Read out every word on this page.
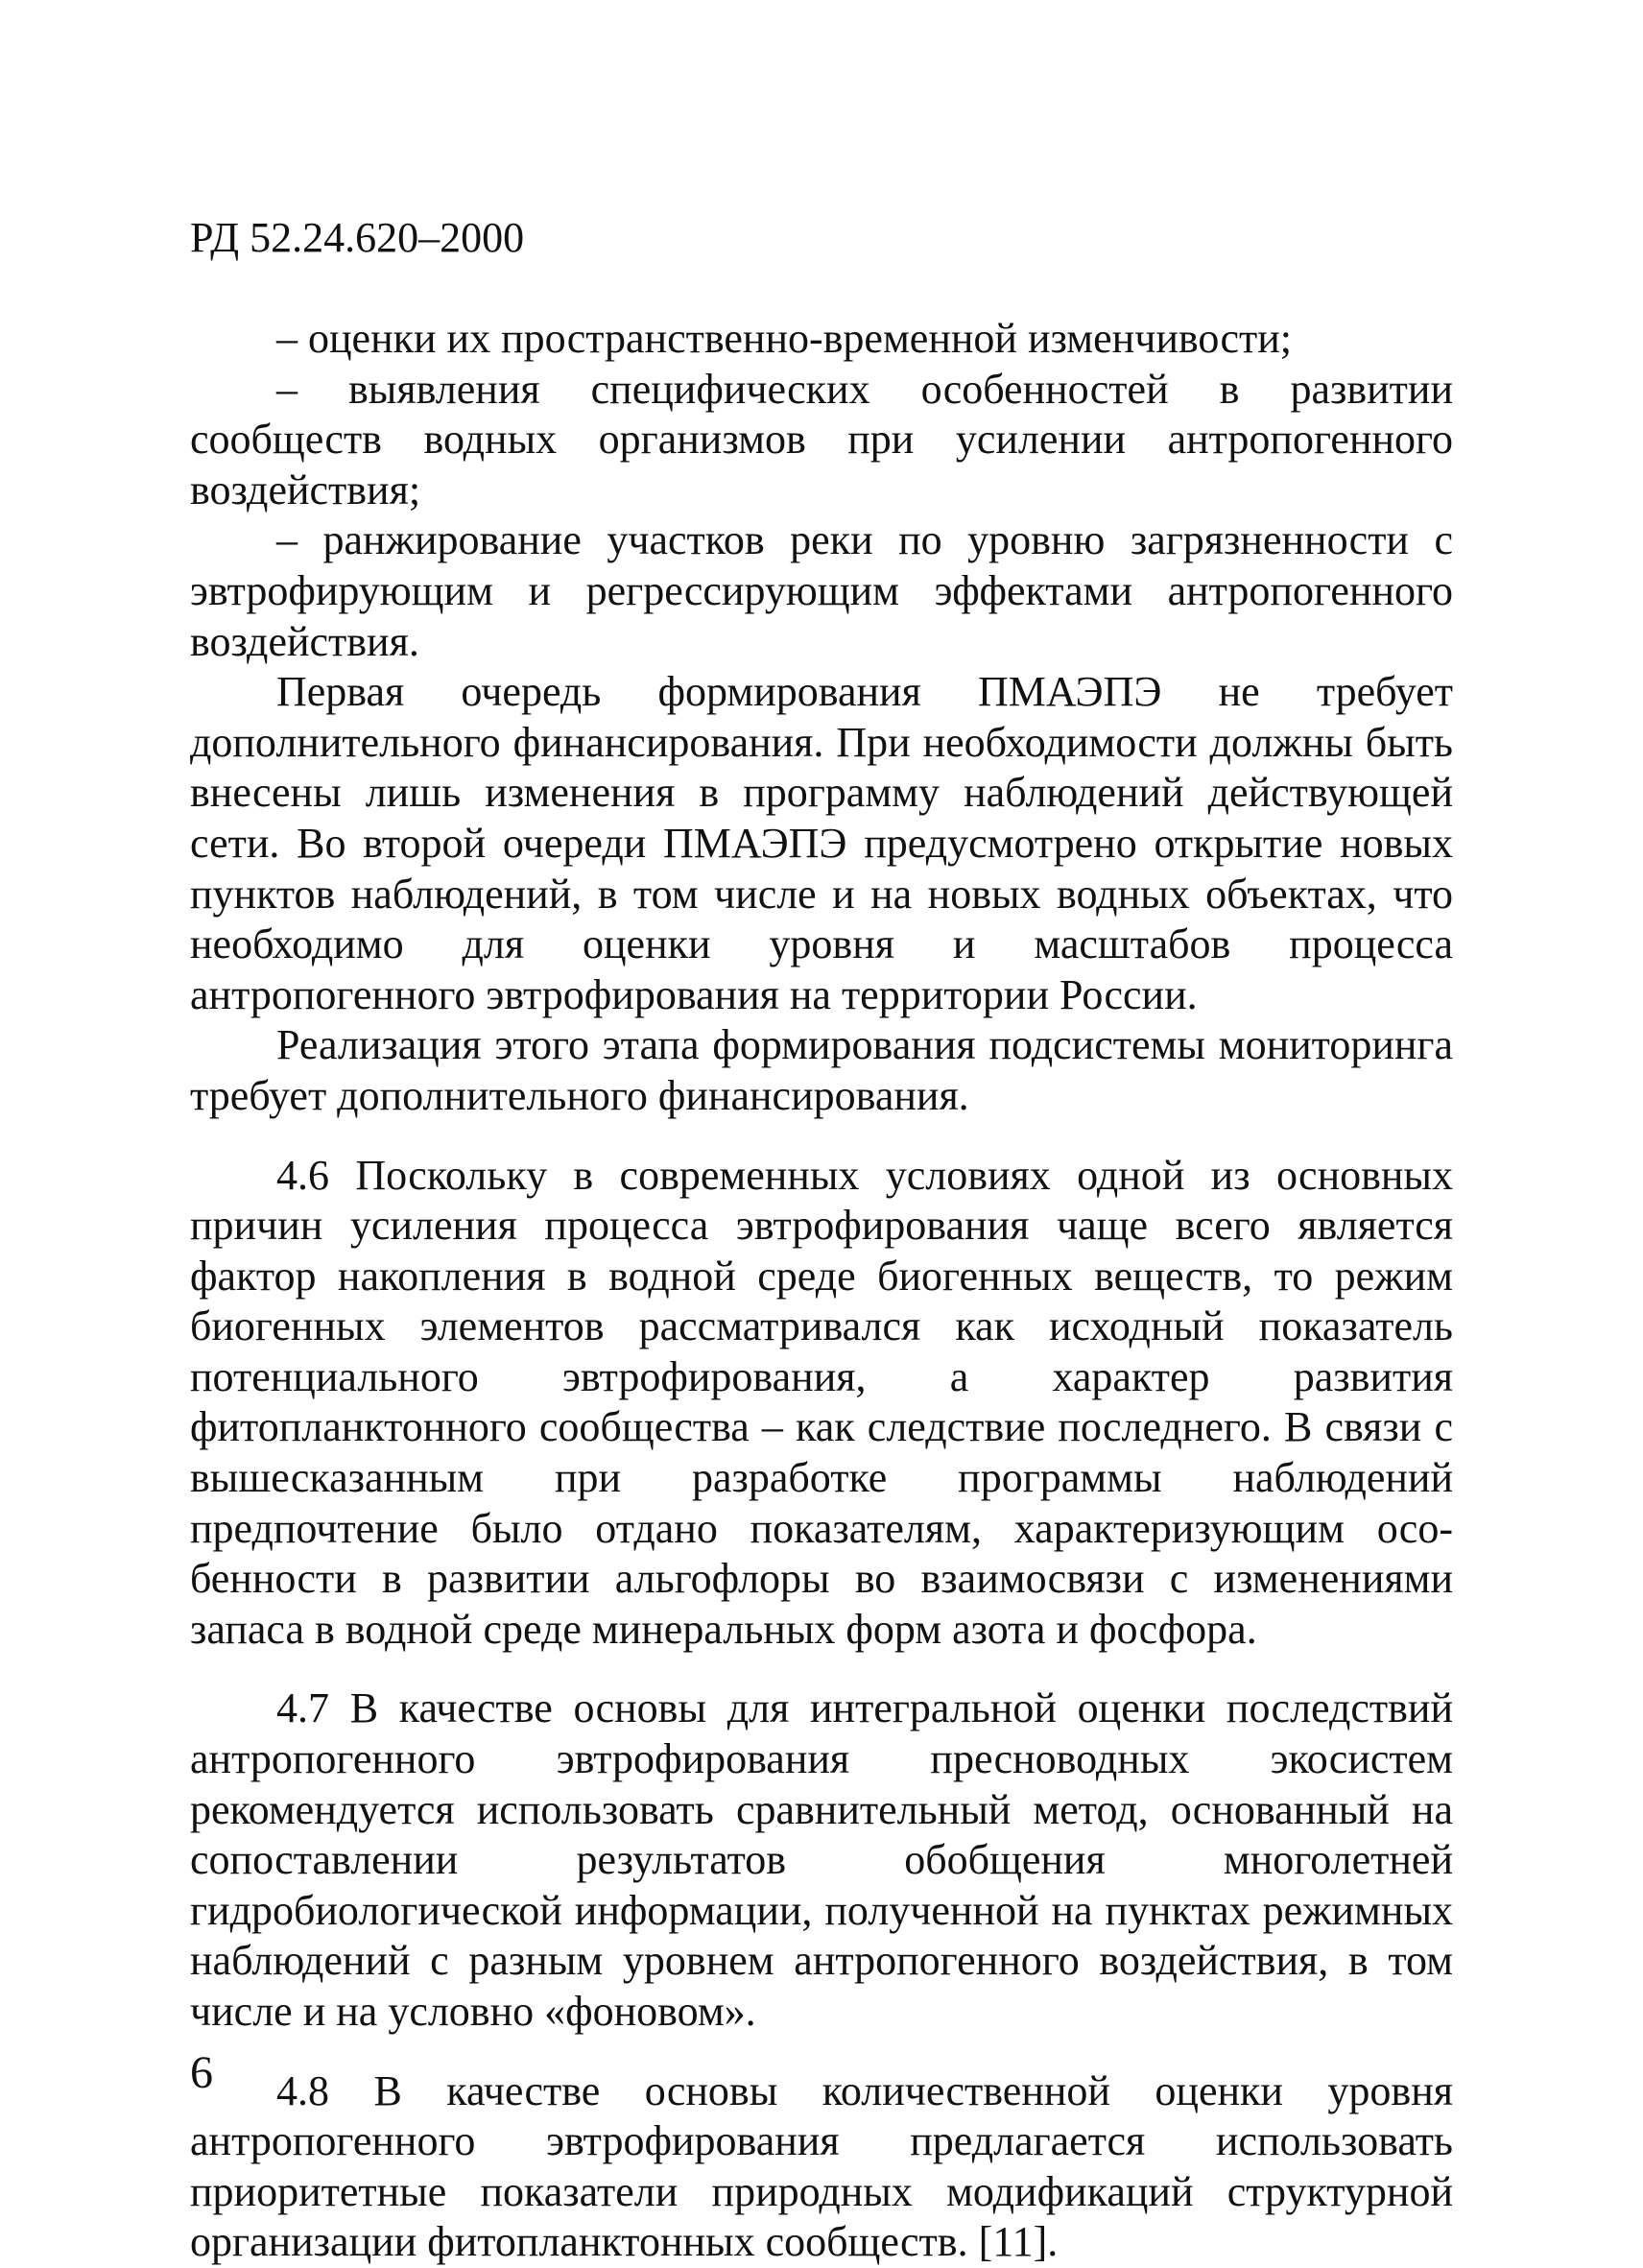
РД 52.24.620–2000

– оценки их пространственно-временной изменчивости;

– выявления специфических особенностей в развитии сообществ водных организмов при усилении антропогенного воздействия;

– ранжирование участков реки по уровню загрязненности с эвтрофирующим и регрессирующим эффектами антропогенного воздействия.

Первая очередь формирования ПМАЭПЭ не требует дополнительного финансирования. При необходимости должны быть внесены лишь изменения в программу наблюдений действующей сети. Во второй очереди ПМАЭПЭ предусмотрено открытие новых пунктов наблюдений, в том числе и на новых водных объектах, что необходимо для оценки уровня и масштабов процесса антропогенного эвтрофирования на территории России.

Реализация этого этапа формирования подсистемы мониторинга требует дополнительного финансирования.

4.6 Поскольку в современных условиях одной из основных причин усиления процесса эвтрофирования чаще всего является фактор накопления в водной среде биогенных веществ, то режим биогенных элементов рассматривался как исходный показатель потенциального эвтрофирования, а характер развития фитопланктонного сообщества – как следствие последнего. В связи с вышесказанным при разработке программы наблюдений предпочтение было отдано показателям, характеризующим особенности в развитии альгофлоры во взаимосвязи с изменениями запаса в водной среде минеральных форм азота и фосфора.

4.7 В качестве основы для интегральной оценки последствий антропогенного эвтрофирования пресноводных экосистем рекомендуется использовать сравнительный метод, основанный на сопоставлении результатов обобщения многолетней гидробиологической информации, полученной на пунктах режимных наблюдений с разным уровнем антропогенного воздействия, в том числе и на условно «фоновом».

4.8 В качестве основы количественной оценки уровня антропогенного эвтрофирования предлагается использовать приоритетные показатели природных модификаций структурной организации фитопланктонных сообществ. [11].

6
